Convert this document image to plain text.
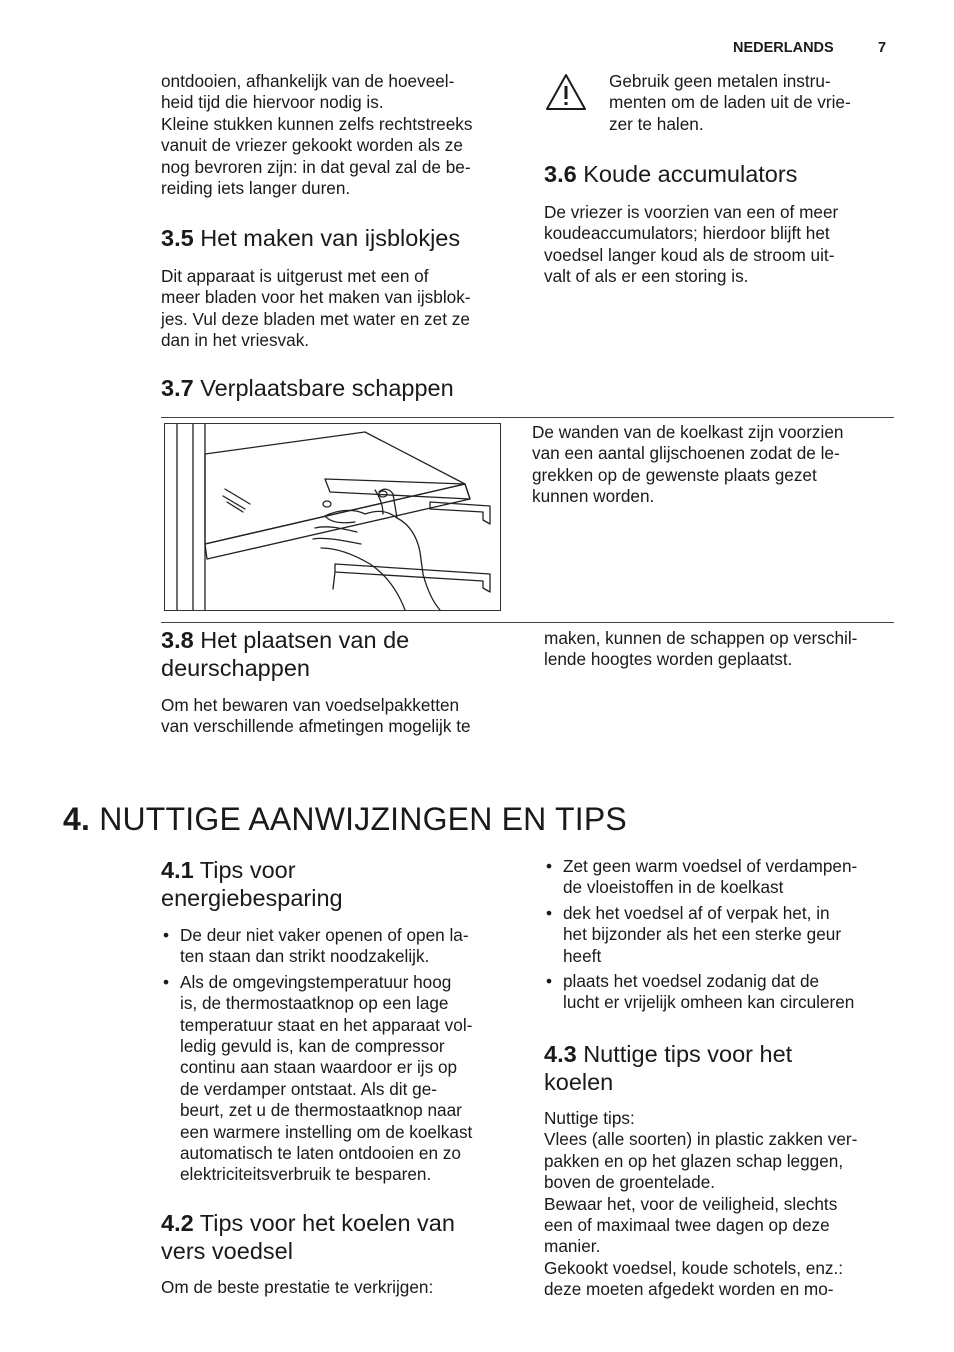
NEDERLANDS	7
ontdooien, afhankelijk van de hoeveel-
heid tijd die hiervoor nodig is.
Kleine stukken kunnen zelfs rechtstreeks
vanuit de vriezer gekookt worden als ze
nog bevroren zijn: in dat geval zal de be-
reiding iets langer duren.
Gebruik geen metalen instru-
menten om de laden uit de vrie-
zer te halen.
3.6 Koude accumulators
De vriezer is voorzien van een of meer
koudeaccumulators; hierdoor blijft het
voedsel langer koud als de stroom uit-
valt of als er een storing is.
3.5 Het maken van ijsblokjes
Dit apparaat is uitgerust met een of
meer bladen voor het maken van ijsblok-
jes. Vul deze bladen met water en zet ze
dan in het vriesvak.
3.7 Verplaatsbare schappen
De wanden van de koelkast zijn voorzien
van een aantal glijschoenen zodat de le-
grekken op de gewenste plaats gezet
kunnen worden.
3.8 Het plaatsen van de
deurschappen
Om het bewaren van voedselpakketten
van verschillende afmetingen mogelijk te
maken, kunnen de schappen op verschil-
lende hoogtes worden geplaatst.
4. NUTTIGE AANWIJZINGEN EN TIPS
4.1 Tips voor
energiebesparing
• De deur niet vaker openen of open la-
ten staan dan strikt noodzakelijk.
• Als de omgevingstemperatuur hoog
is, de thermostaatknop op een lage
temperatuur staat en het apparaat vol-
ledig gevuld is, kan de compressor
continu aan staan waardoor er ijs op
de verdamper ontstaat. Als dit ge-
beurt, zet u de thermostaatknop naar
een warmere instelling om de koelkast
automatisch te laten ontdooien en zo
elektriciteitsverbruik te besparen.
4.2 Tips voor het koelen van
vers voedsel
Om de beste prestatie te verkrijgen:
• Zet geen warm voedsel of verdampen-
de vloeistoffen in de koelkast
• dek het voedsel af of verpak het, in
het bijzonder als het een sterke geur
heeft
• plaats het voedsel zodanig dat de
lucht er vrijelijk omheen kan circuleren
4.3 Nuttige tips voor het
koelen
Nuttige tips:
Vlees (alle soorten) in plastic zakken ver-
pakken en op het glazen schap leggen,
boven de groentelade.
Bewaar het, voor de veiligheid, slechts
een of maximaal twee dagen op deze
manier.
Gekookt voedsel, koude schotels, enz.:
deze moeten afgedekt worden en mo-
